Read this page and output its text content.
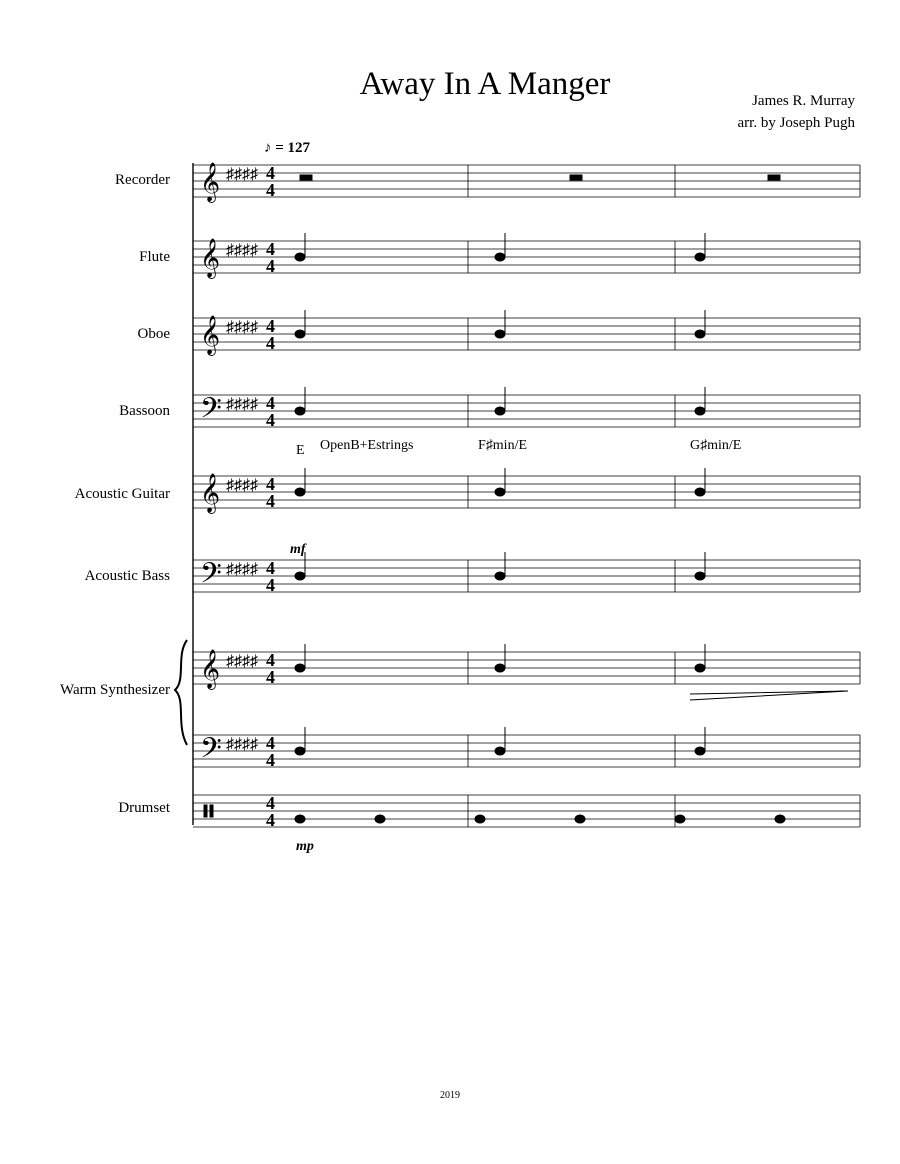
Away In A Manger	James R. Murray
arr. by Joseph Pugh
Recorder
Flute
Oboe
Bassoon
Acoustic Guitar
Acoustic Bass
Warm Synthesizer
Drumset
♪ = 127
E OpenB+Estrings	F♯min/E	G♯min/E
mf
mp
4
4
4
4
4
4
4
4
4
4
4
4
4
4
4
4
4
4
𝄞 ♯♯♯♯
𝄞 ♯♯♯♯
𝄞 ♯♯♯♯
𝄢 ♯♯♯♯
𝄞 ♯♯♯♯
𝄢 ♯♯♯♯
𝄞 ♯♯♯♯
𝄢 ♯♯♯♯
2019
